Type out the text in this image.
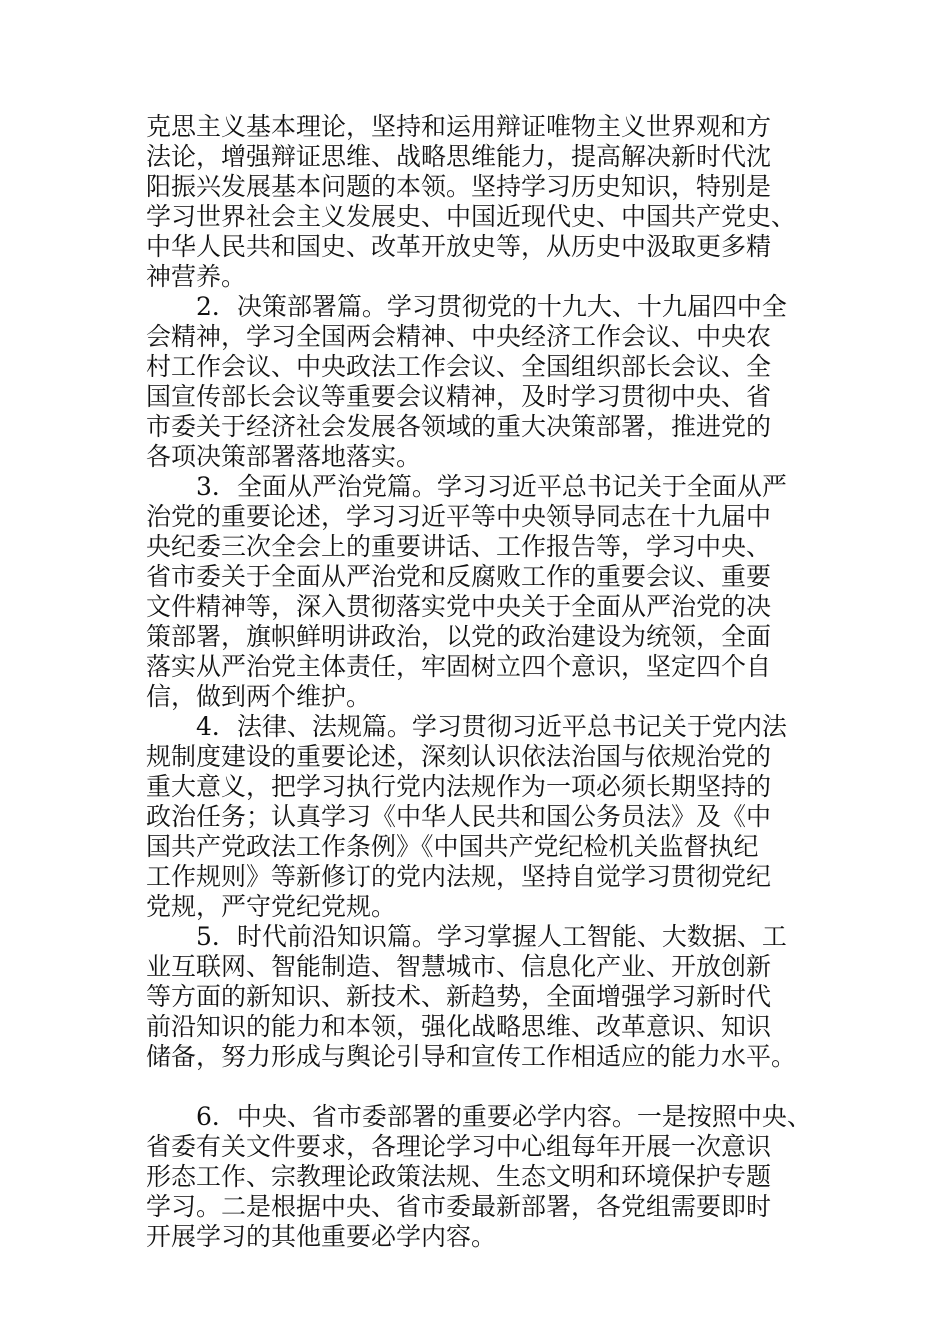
克思主义基本理论，坚持和运用辩证唯物主义世界观和方
法论，增强辩证思维、战略思维能力，提高解决新时代沈
阳振兴发展基本问题的本领。坚持学习历史知识，特别是
学习世界社会主义发展史、中国近现代史、中国共产党史、
中华人民共和国史、改革开放史等，从历史中汲取更多精
神营养。
2．决策部署篇。学习贯彻党的十九大、十九届四中全
会精神，学习全国两会精神、中央经济工作会议、中央农
村工作会议、中央政法工作会议、全国组织部长会议、全
国宣传部长会议等重要会议精神，及时学习贯彻中央、省
市委关于经济社会发展各领域的重大决策部署，推进党的
各项决策部署落地落实。
3．全面从严治党篇。学习习近平总书记关于全面从严
治党的重要论述，学习习近平等中央领导同志在十九届中
央纪委三次全会上的重要讲话、工作报告等，学习中央、
省市委关于全面从严治党和反腐败工作的重要会议、重要
文件精神等，深入贯彻落实党中央关于全面从严治党的决
策部署，旗帜鲜明讲政治，以党的政治建设为统领，全面
落实从严治党主体责任，牢固树立四个意识，坚定四个自
信，做到两个维护。
4．法律、法规篇。学习贯彻习近平总书记关于党内法
规制度建设的重要论述，深刻认识依法治国与依规治党的
重大意义，把学习执行党内法规作为一项必须长期坚持的
政治任务；认真学习《中华人民共和国公务员法》及《中
国共产党政法工作条例》《中国共产党纪检机关监督执纪
工作规则》等新修订的党内法规，坚持自觉学习贯彻党纪
党规，严守党纪党规。
5．时代前沿知识篇。学习掌握人工智能、大数据、工
业互联网、智能制造、智慧城市、信息化产业、开放创新
等方面的新知识、新技术、新趋势，全面增强学习新时代
前沿知识的能力和本领，强化战略思维、改革意识、知识
储备，努力形成与舆论引导和宣传工作相适应的能力水平。
6．中央、省市委部署的重要必学内容。一是按照中央、
省委有关文件要求，各理论学习中心组每年开展一次意识
形态工作、宗教理论政策法规、生态文明和环境保护专题
学习。二是根据中央、省市委最新部署，各党组需要即时
开展学习的其他重要必学内容。
